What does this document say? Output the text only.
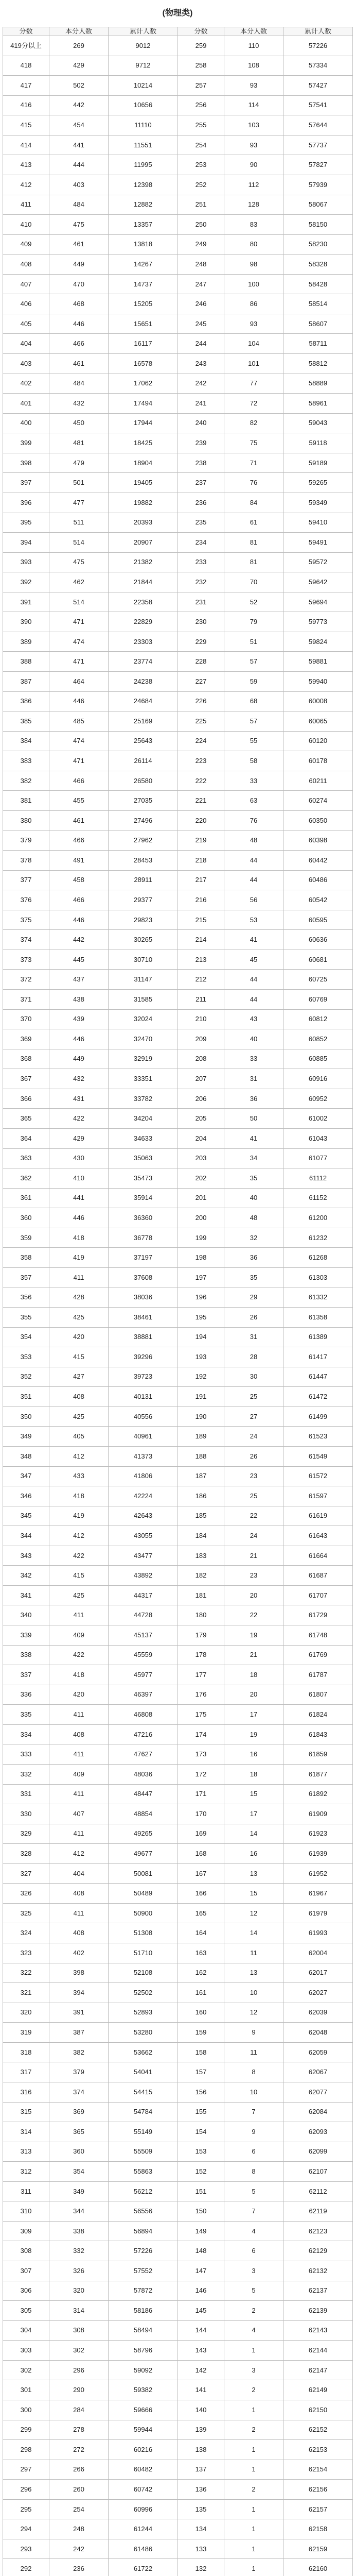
(物理类)
分数	本分人数	累计人数
419分以上	269	9012
418	429	9712
417	502	10214
416	442	10656
415	454	11110
414	441	11551
413	444	11995
412	403	12398
411	484	12882
410	475	13357
409	461	13818
408	449	14267
407	470	14737
406	468	15205
405	446	15651
404	466	16117
403	461	16578
402	484	17062
401	432	17494
400	450	17944
399	481	18425
398	479	18904
397	501	19405
396	477	19882
395	511	20393
394	514	20907
393	475	21382
392	462	21844
391	514	22358
390	471	22829
389	474	23303
388	471	23774
387	464	24238
386	446	24684
385	485	25169
384	474	25643
383	471	26114
382	466	26580
381	455	27035
380	461	27496
379	466	27962
378	491	28453
377	458	28911
376	466	29377
375	446	29823
374	442	30265
373	445	30710
372	437	31147
371	438	31585
370	439	32024
369	446	32470
368	449	32919
367	432	33351
366	431	33782
365	422	34204
364	429	34633
363	430	35063
362	410	35473
361	441	35914
360	446	36360
359	418	36778
358	419	37197
357	411	37608
356	428	38036
355	425	38461
354	420	38881
353	415	39296
352	427	39723
351	408	40131
350	425	40556
349	405	40961
348	412	41373
347	433	41806
346	418	42224
345	419	42643
344	412	43055
343	422	43477
342	415	43892
341	425	44317
340	411	44728
339	409	45137
338	422	45559
337	418	45977
336	420	46397
335	411	46808
334	408	47216
333	411	47627
332	409	48036
331	411	48447
330	407	48854
329	411	49265
328	412	49677
327	404	50081
326	408	50489
325	411	50900
324	408	51308
323	402	51710
322	398	52108
321	394	52502
320	391	52893
319	387	53280
318	382	53662
317	379	54041
316	374	54415
315	369	54784
314	365	55149
313	360	55509
312	354	55863
311	349	56212
310	344	56556
309	338	56894
308	332	57226
307	326	57552
306	320	57872
305	314	58186
304	308	58494
303	302	58796
302	296	59092
301	290	59382
300	284	59666
299	278	59944
298	272	60216
297	266	60482
296	260	60742
295	254	60996
294	248	61244
293	242	61486
292	236	61722

分数	本分人数	累计人数
259	110	57226
258	108	57334
257	93	57427
256	114	57541
255	103	57644
254	93	57737
253	90	57827
252	112	57939
251	128	58067
250	83	58150
249	80	58230
248	98	58328
247	100	58428
246	86	58514
245	93	58607
244	104	58711
243	101	58812
242	77	58889
241	72	58961
240	82	59043
239	75	59118
238	71	59189
237	76	59265
236	84	59349
235	61	59410
234	81	59491
233	81	59572
232	70	59642
231	52	59694
230	79	59773
229	51	59824
228	57	59881
227	59	59940
226	68	60008
225	57	60065
224	55	60120
223	58	60178
222	33	60211
221	63	60274
220	76	60350
219	48	60398
218	44	60442
217	44	60486
216	56	60542
215	53	60595
214	41	60636
213	45	60681
212	44	60725
211	44	60769
210	43	60812
209	40	60852
208	33	60885
207	31	60916
206	36	60952
205	50	61002
204	41	61043
203	34	61077
202	35	61112
201	40	61152
200	48	61200
199	32	61232
198	36	61268
197	35	61303
196	29	61332
195	26	61358
194	31	61389
193	28	61417
192	30	61447
191	25	61472
190	27	61499
189	24	61523
188	26	61549
187	23	61572
186	25	61597
185	22	61619
184	24	61643
183	21	61664
182	23	61687
181	20	61707
180	22	61729
179	19	61748
178	21	61769
177	18	61787
176	20	61807
175	17	61824
174	19	61843
173	16	61859
172	18	61877
171	15	61892
170	17	61909
169	14	61923
168	16	61939
167	13	61952
166	15	61967
165	12	61979
164	14	61993
163	11	62004
162	13	62017
161	10	62027
160	12	62039
159	9	62048
158	11	62059
157	8	62067
156	10	62077
155	7	62084
154	9	62093
153	6	62099
152	8	62107
151	5	62112
150	7	62119
149	4	62123
148	6	62129
147	3	62132
146	5	62137
145	2	62139
144	4	62143
143	1	62144
142	3	62147
141	2	62149
140	1	62150
139	2	62152
138	1	62153
137	1	62154
136	2	62156
135	1	62157
134	1	62158
133	1	62159
132	1	62160
